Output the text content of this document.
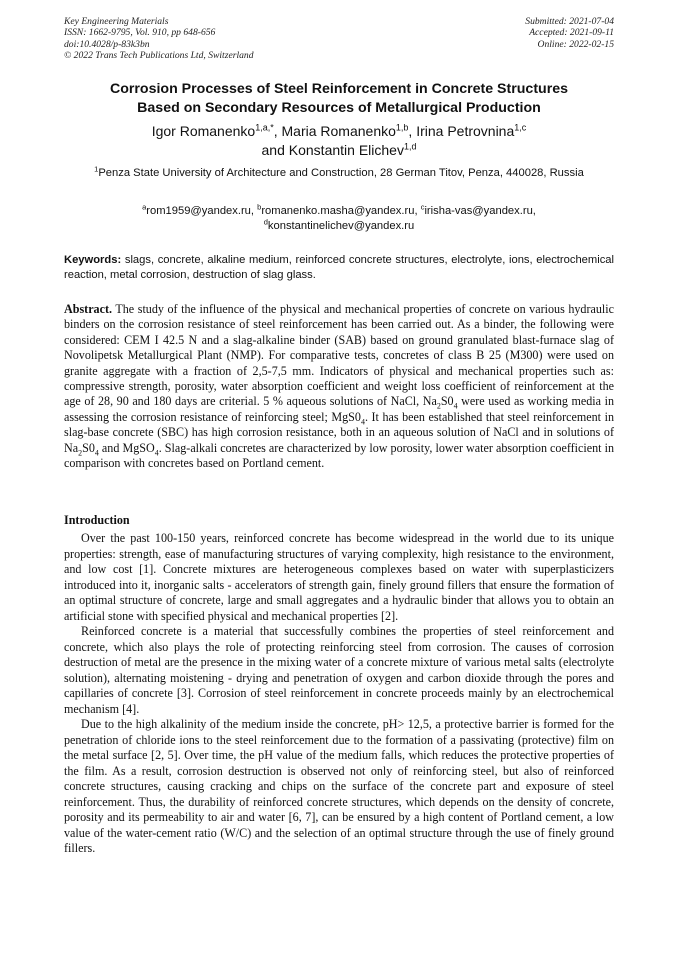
Key Engineering Materials
ISSN: 1662-9795, Vol. 910, pp 648-656
doi:10.4028/p-83k3bn
© 2022 Trans Tech Publications Ltd, Switzerland
Submitted: 2021-07-04
Accepted: 2021-09-11
Online: 2022-02-15
Corrosion Processes of Steel Reinforcement in Concrete Structures
Based on Secondary Resources of Metallurgical Production
Igor Romanenko$^{1,a,*}$, Maria Romanenko$^{1,b}$, Irina Petrovnina$^{1,c}$
and Konstantin Elichev$^{1,d}$
$^1$Penza State University of Architecture and Construction, 28 German Titov, Penza, 440028, Russia
$^a$rom1959@yandex.ru, $^b$romanenko.masha@yandex.ru, $^c$irisha-vas@yandex.ru,
$^d$konstantinelichev@yandex.ru
Keywords: slags, concrete, alkaline medium, reinforced concrete structures, electrolyte, ions, electrochemical reaction, metal corrosion, destruction of slag glass.
Abstract. The study of the influence of the physical and mechanical properties of concrete on various hydraulic binders on the corrosion resistance of steel reinforcement has been carried out. As a binder, the following were considered: CEM I 42.5 N and a slag-alkaline binder (SAB) based on ground granulated blast-furnace slag of Novolipetsk Metallurgical Plant (NMP). For comparative tests, concretes of class B 25 (M300) were used on granite aggregate with a fraction of 2,5-7,5 mm. Indicators of physical and mechanical properties such as: compressive strength, porosity, water absorption coefficient and weight loss coefficient of reinforcement at the age of 28, 90 and 180 days are criterial. 5 % aqueous solutions of NaCl, $Na_2S0_4$ were used as working media in assessing the corrosion resistance of reinforcing steel; $MgS0_4$. It has been established that steel reinforcement in slag-base concrete (SBC) has high corrosion resistance, both in an aqueous solution of NaCl and in solutions of $Na_2S0_4$ and MgSO$_4$. Slag-alkali concretes are characterized by low porosity, lower water absorption coefficient in comparison with concretes based on Portland cement.
Introduction

Over the past 100-150 years, reinforced concrete has become widespread in the world due to its unique properties: strength, ease of manufacturing structures of varying complexity, high resistance to the environment, and low cost [1]. Concrete mixtures are heterogeneous complexes based on water with superplasticizers introduced into it, inorganic salts - accelerators of strength gain, finely ground fillers that ensure the formation of an optimal structure of concrete, large and small aggregates and a hydraulic binder that allows you to obtain an artificial stone with specified physical and mechanical properties [2].

Reinforced concrete is a material that successfully combines the properties of steel reinforcement and concrete, which also plays the role of protecting reinforcing steel from corrosion. The causes of corrosion destruction of metal are the presence in the mixing water of a concrete mixture of various metal salts (electrolyte solution), alternating moistening - drying and penetration of oxygen and carbon dioxide through the pores and capillaries of concrete [3]. Corrosion of steel reinforcement in concrete proceeds mainly by an electrochemical mechanism [4].

Due to the high alkalinity of the medium inside the concrete, pH> 12,5, a protective barrier is formed for the penetration of chloride ions to the steel reinforcement due to the formation of a passivating (protective) film on the metal surface [2, 5]. Over time, the pH value of the medium falls, which reduces the protective properties of the film. As a result, corrosion destruction is observed not only of reinforcing steel, but also of reinforced concrete structures, causing cracking and chips on the surface of the concrete part and exposure of steel reinforcement. Thus, the durability of reinforced concrete structures, which depends on the density of concrete, porosity and its permeability to air and water [6, 7], can be ensured by a high content of Portland cement, a low value of the water-cement ratio (W/C) and the selection of an optimal structure through the use of finely ground fillers.
